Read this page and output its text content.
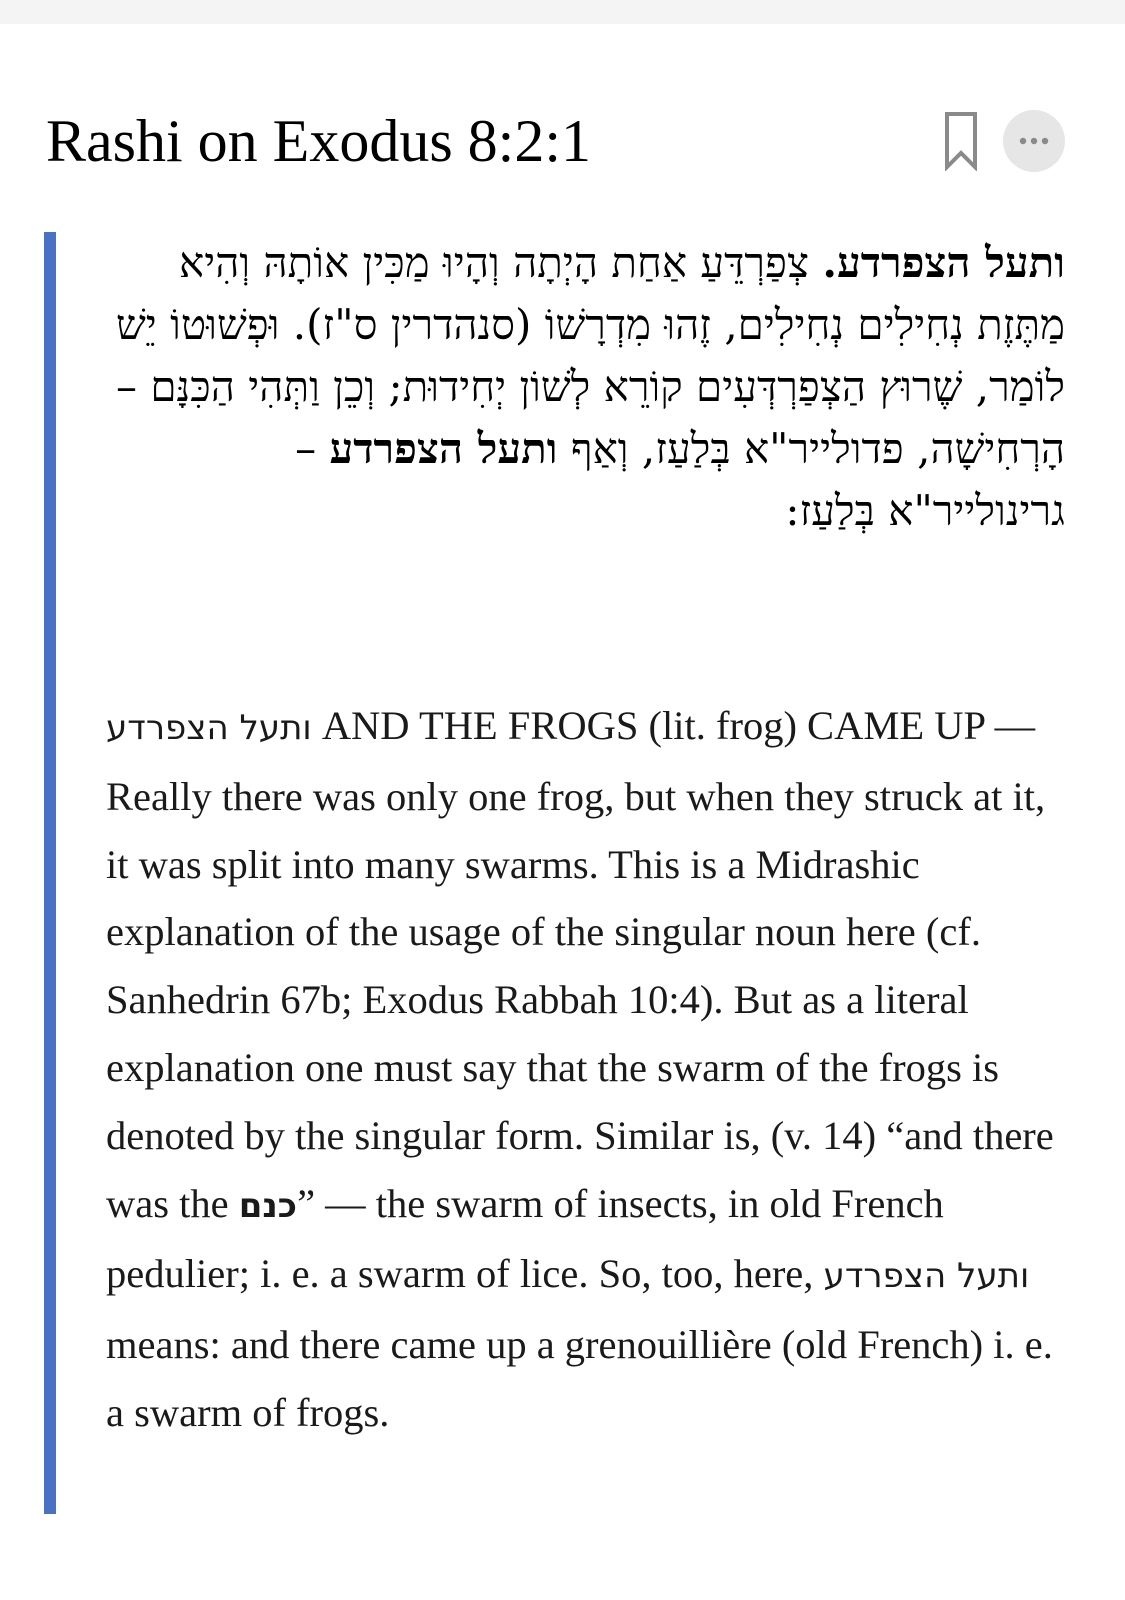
Rashi on Exodus 8:2:1
ותעל הצפרדע. צְפַרְדֵּעַ אַחַת הָיְתָה וְהָיוּ מַכִּין אוֹתָהּ וְהִיא מַתֶּזֶת נְחִילִים נְחִילִים, זֶהוּ מִדְרָשׁוֹ (סנהדרין ס"ז). וּפְשׁוּטוֹ יֵשׁ לוֹמַר, שֶׁרוּץ הַצְפַרְדְּעִים קוֹרֵא לְשׁוֹן יְחִידוּת; וְכֵן וַתְּהִי הַכִּנָּם – הָרְחִישָׁה, פדולייר"א בְּלַעַז, וְאַף ותעל הצפרדע – גרינולייר"א בְּלַעַז:
ותעל הצפרדע AND THE FROGS (lit. frog) CAME UP — Really there was only one frog, but when they struck at it, it was split into many swarms. This is a Midrashic explanation of the usage of the singular noun here (cf. Sanhedrin 67b; Exodus Rabbah 10:4). But as a literal explanation one must say that the swarm of the frogs is denoted by the singular form. Similar is, (v. 14) “and there was the כנם” — the swarm of insects, in old French pedulier; i. e. a swarm of lice. So, too, here, ותעל הצפרדע means: and there came up a grenouillière (old French) i. e. a swarm of frogs.
